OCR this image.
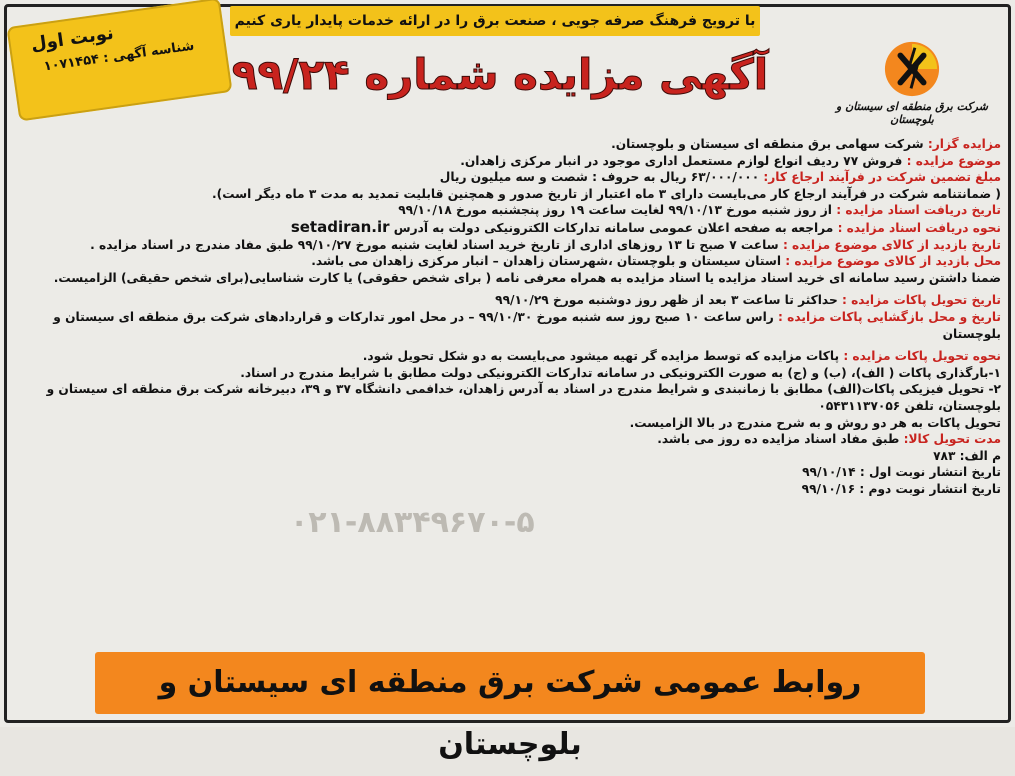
با ترویج فرهنگ صرفه جویی ، صنعت برق را در ارائه خدمات پایدار یاری کنیم
نوبت اول
شناسه آگهی : ۱۰۷۱۴۵۴	آگهی مزایده شماره ۹۹/۲۴
شرکت برق منطقه ای سیستان و بلوچستان

مزایده گزار: شرکت سهامی برق منطقه ای سیستان و بلوچستان.

موضوع مزایده : فروش ۷۷ ردیف انواع لوازم مستعمل اداری موجود در انبار مرکزی زاهدان.

مبلغ تضمین شرکت در فرآیند ارجاع کار: ۶۳/۰۰۰/۰۰۰ ریال به حروف : شصت و سه میلیون ریال

( ضمانتنامه شرکت در فرآیند ارجاع کار می‌بایست دارای ۳ ماه اعتبار از تاریخ صدور و همچنین قابلیت تمدید به مدت ۳ ماه دیگر است).

تاریخ دریافت اسناد مزایده : از روز شنبه مورخ ۹۹/۱۰/۱۳ لغایت ساعت ۱۹ روز پنجشنبه مورخ ۹۹/۱۰/۱۸

نحوه دریافت اسناد مزایده : مراجعه به صفحه اعلان عمومی سامانه تدارکات الکترونیکی دولت به آدرس setadiran.ir

تاریخ بازدید از کالای موضوع مزایده : ساعت ۷ صبح تا ۱۳ روزهای اداری از تاریخ خرید اسناد لغایت شنبه مورخ ۹۹/۱۰/۲۷ طبق مفاد مندرج در اسناد مزایده .

محل بازدید از کالای موضوع مزایده : استان سیستان و بلوچستان ،شهرستان زاهدان – انبار مرکزی زاهدان می باشد.

ضمنا داشتن رسید سامانه ای خرید اسناد مزایده یا اسناد مزایده به همراه معرفی نامه ( برای شخص حقوقی) یا کارت شناسایی(برای شخص حقیقی) الزامیست.

تاریخ تحویل پاکات مزایده : حداکثر تا ساعت ۳ بعد از ظهر روز دوشنبه مورخ ۹۹/۱۰/۲۹

تاریخ و محل بازگشایی پاکات مزایده : راس ساعت ۱۰ صبح روز سه شنبه مورخ ۹۹/۱۰/۳۰ – در محل امور تدارکات و قراردادهای شرکت برق منطقه ای سیستان و بلوچستان

نحوه تحویل پاکات مزایده : پاکات مزایده که توسط مزایده گر تهیه میشود می‌بایست به دو شکل تحویل شود.

۱-بارگذاری پاکات ( الف)، (ب) و (ج) به صورت الکترونیکی در سامانه تدارکات الکترونیکی دولت مطابق با شرایط مندرج در اسناد.

۲- تحویل فیزیکی پاکات(الف) مطابق با زمانبندی و شرایط مندرج در اسناد به آدرس زاهدان، خدافمی دانشگاه ۳۷ و ۳۹، دبیرخانه شرکت برق منطقه ای سیستان و بلوچستان، تلفن ۰۵۴۳۱۱۳۷۰۵۶

تحویل پاکات به هر دو روش و به شرح مندرج در بالا الزامیست.

مدت تحویل کالا: طبق مفاد اسناد مزایده ده روز می باشد.

م الف: ۷۸۳

تاریخ انتشار نوبت اول : ۹۹/۱۰/۱۴

تاریخ انتشار نوبت دوم : ۹۹/۱۰/۱۶

۰۲۱-۸۸۳۴۹۶۷۰-۵
روابط عمومی شرکت برق منطقه ای سیستان و بلوچستان
